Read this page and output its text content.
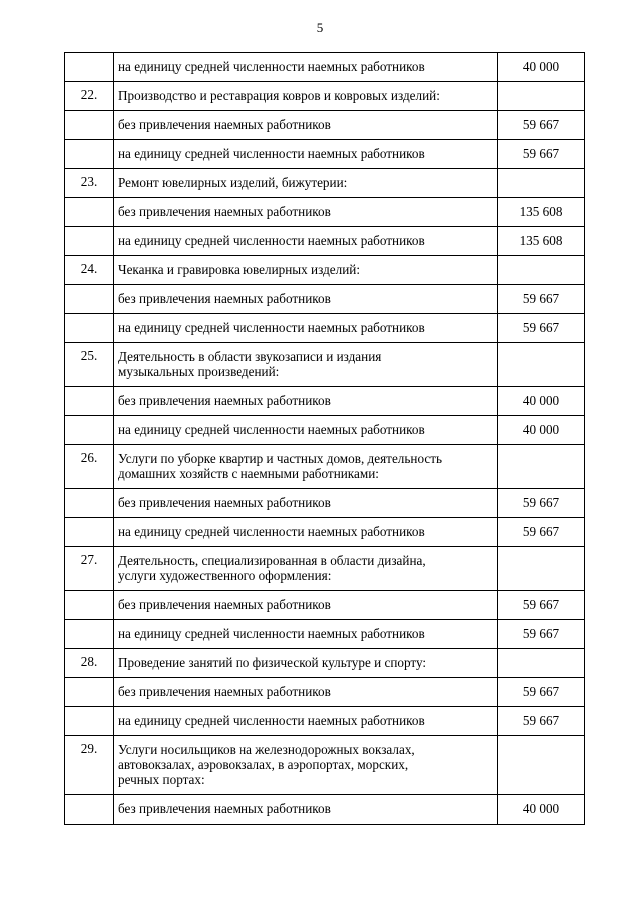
5
	на единицу средней численности наемных работников	40 000
22.	Производство и реставрация ковров и ковровых изделий:	
	без привлечения наемных работников	59 667
	на единицу средней численности наемных работников	59 667
23.	Ремонт ювелирных изделий, бижутерии:	
	без привлечения наемных работников	135 608
	на единицу средней численности наемных работников	135 608
24.	Чеканка и гравировка ювелирных изделий:	
	без привлечения наемных работников	59 667
	на единицу средней численности наемных работников	59 667
25.	Деятельность в области звукозаписи и издания
музыкальных произведений:	

	без привлечения наемных работников	40 000
	на единицу средней численности наемных работников	40 000
26.	Услуги по уборке квартир и частных домов, деятельность
домашних хозяйств с наемными работниками:	

	без привлечения наемных работников	59 667
	на единицу средней численности наемных работников	59 667
27.	Деятельность, специализированная в области дизайна,
услуги художественного оформления:	

	без привлечения наемных работников	59 667
	на единицу средней численности наемных работников	59 667
28.	Проведение занятий по физической культуре и спорту:	
	без привлечения наемных работников	59 667
	на единицу средней численности наемных работников	59 667
29.	Услуги носильщиков на железнодорожных вокзалах,
автовокзалах, аэровокзалах, в аэропортах, морских,
речных портах:	

	без привлечения наемных работников	40 000
